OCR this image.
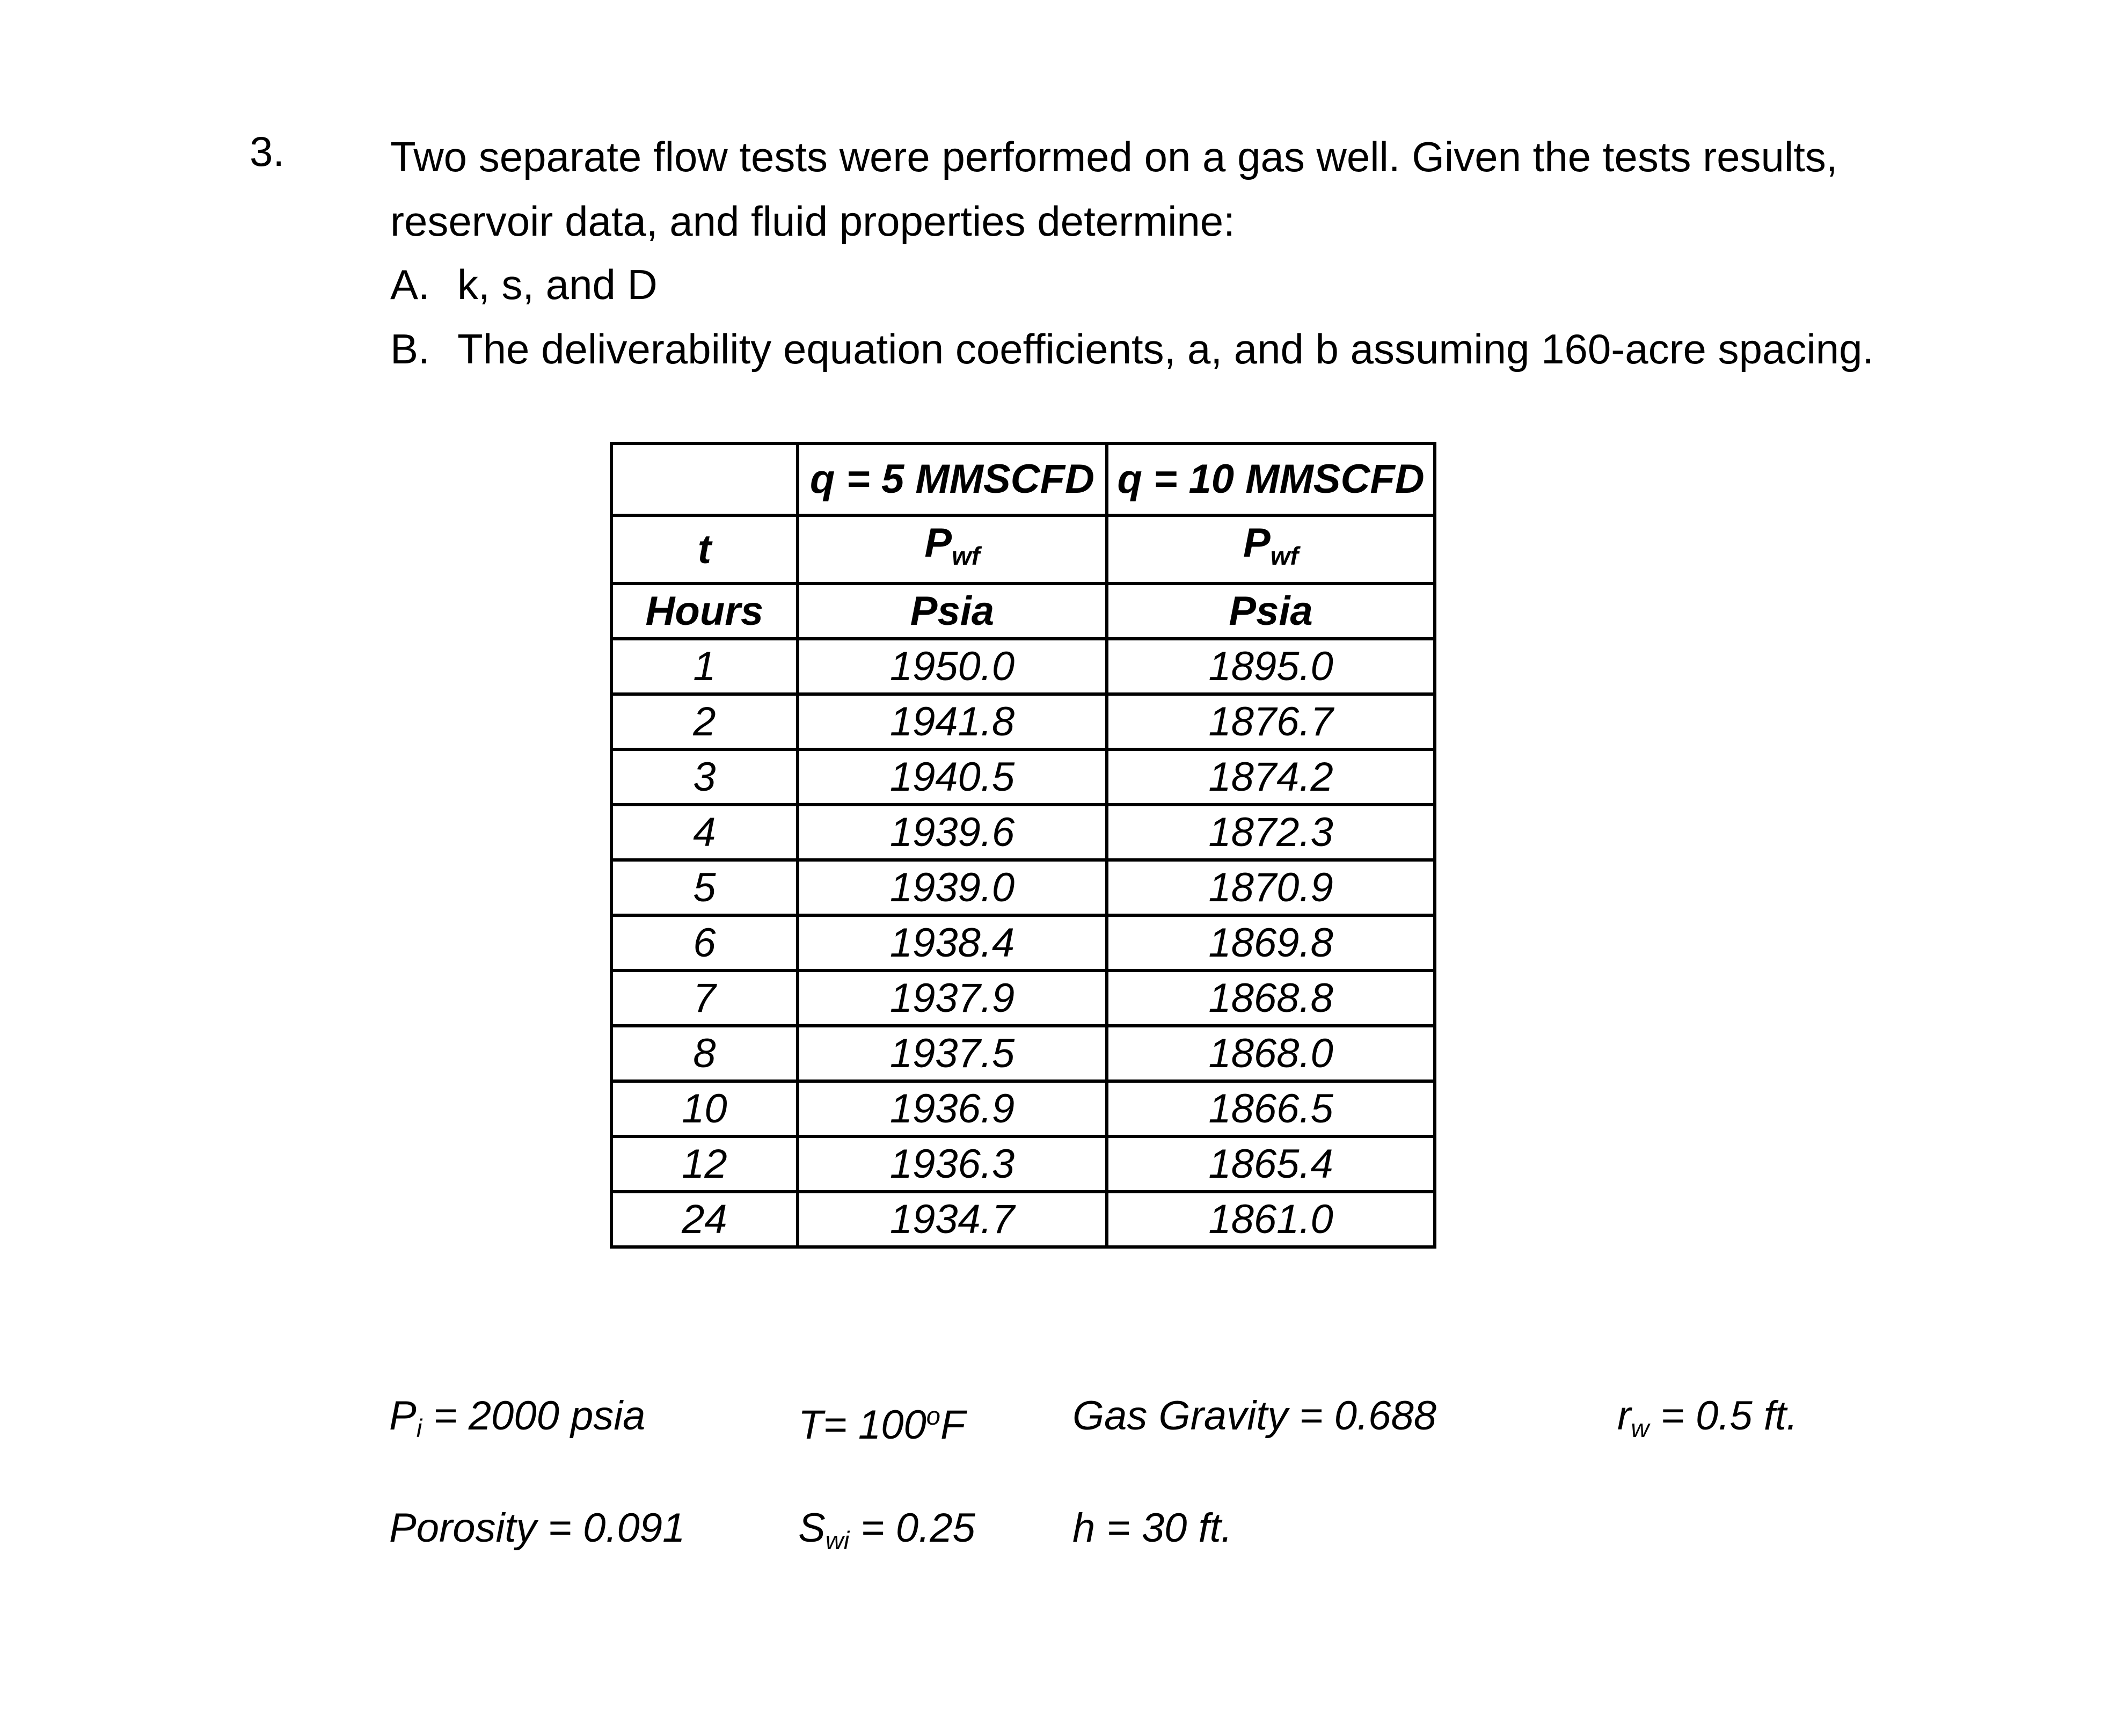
3.	Two separate flow tests were performed on a gas well. Given the tests results,
reservoir data, and fluid properties determine:
A. k, s, and D
B. The deliverability equation coefficients, a, and b assuming 160-acre spacing.
	q = 5 MMSCFD	q = 10 MMSCFD
t	Pwf	Pwf
Hours	Psia	Psia
1	1950.0	1895.0
2	1941.8	1876.7
3	1940.5	1874.2
4	1939.6	1872.3
5	1939.0	1870.9
6	1938.4	1869.8
7	1937.9	1868.8
8	1937.5	1868.0
10	1936.9	1866.5
12	1936.3	1865.4
24	1934.7	1861.0
$P_i = 2000$ psia	$T= 100^oF$	Gas Gravity = 0.688	$r_w = 0.5$ ft.
Porosity = 0.091	$S_{wi} = 0.25$ h = 30 ft.
